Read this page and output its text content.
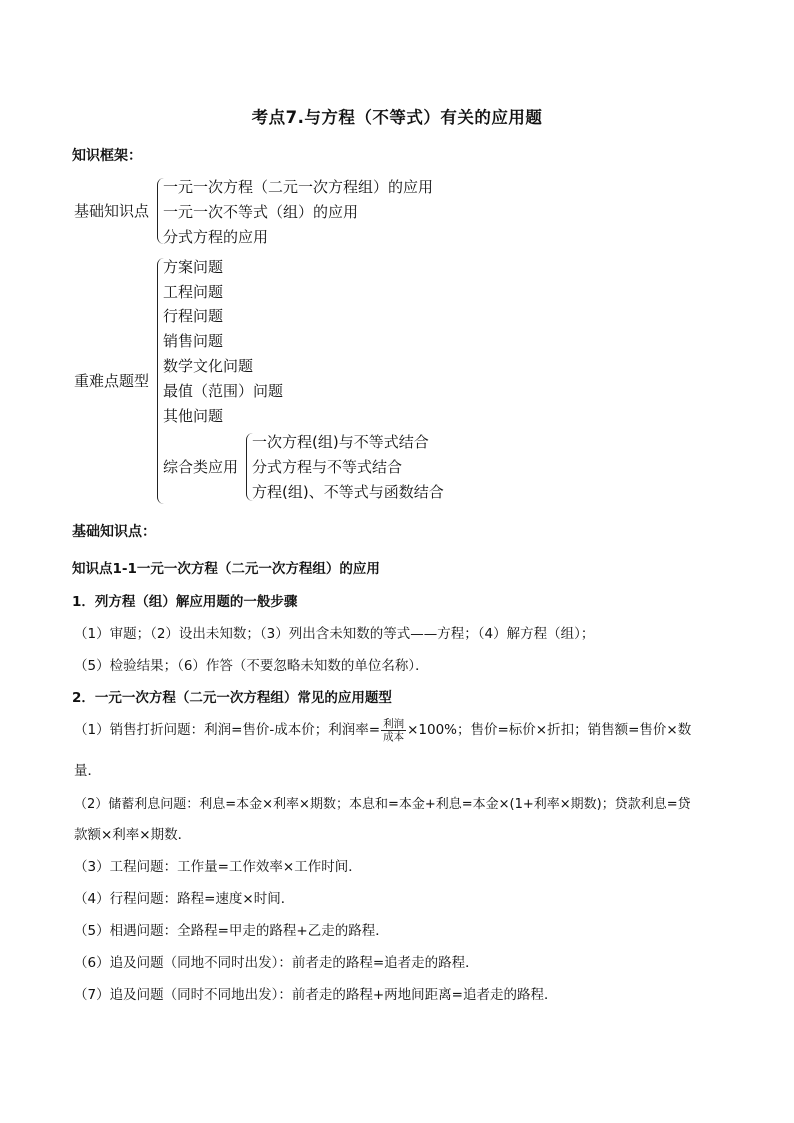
考点7.与方程（不等式）有关的应用题
知识框架：
基础知识点
一元一次方程（二元一次方程组）的应用
一元一次不等式（组）的应用
分式方程的应用
重难点题型
方案问题
工程问题
行程问题
销售问题
数学文化问题
最值（范围）问题
其他问题
综合类应用
一次方程(组)与不等式结合
分式方程与不等式结合
方程(组)、不等式与函数结合
基础知识点：
知识点1-1一元一次方程（二元一次方程组）的应用
1．列方程（组）解应用题的一般步骤
（1）审题；（2）设出未知数；（3）列出含未知数的等式——方程；（4）解方程（组）；
（5）检验结果；（6）作答（不要忽略未知数的单位名称）．
2．一元一次方程（二元一次方程组）常见的应用题型
（1）销售打折问题：利润=售价-成本价；利润率= $\frac{\text{利润}}{\text{成本}} \times 100\%$；售价=标价×折扣；销售额=售价×数
量．
（2）储蓄利息问题：利息=本金×利率×期数；本息和=本金+利息=本金×(1+利率×期数)；贷款利息=贷
款额×利率×期数．
（3）工程问题：工作量=工作效率×工作时间．
（4）行程问题：路程=速度×时间．
（5）相遇问题：全路程=甲走的路程+乙走的路程．
（6）追及问题（同地不同时出发）：前者走的路程=追者走的路程．
（7）追及问题（同时不同地出发）：前者走的路程+两地间距离=追者走的路程．
